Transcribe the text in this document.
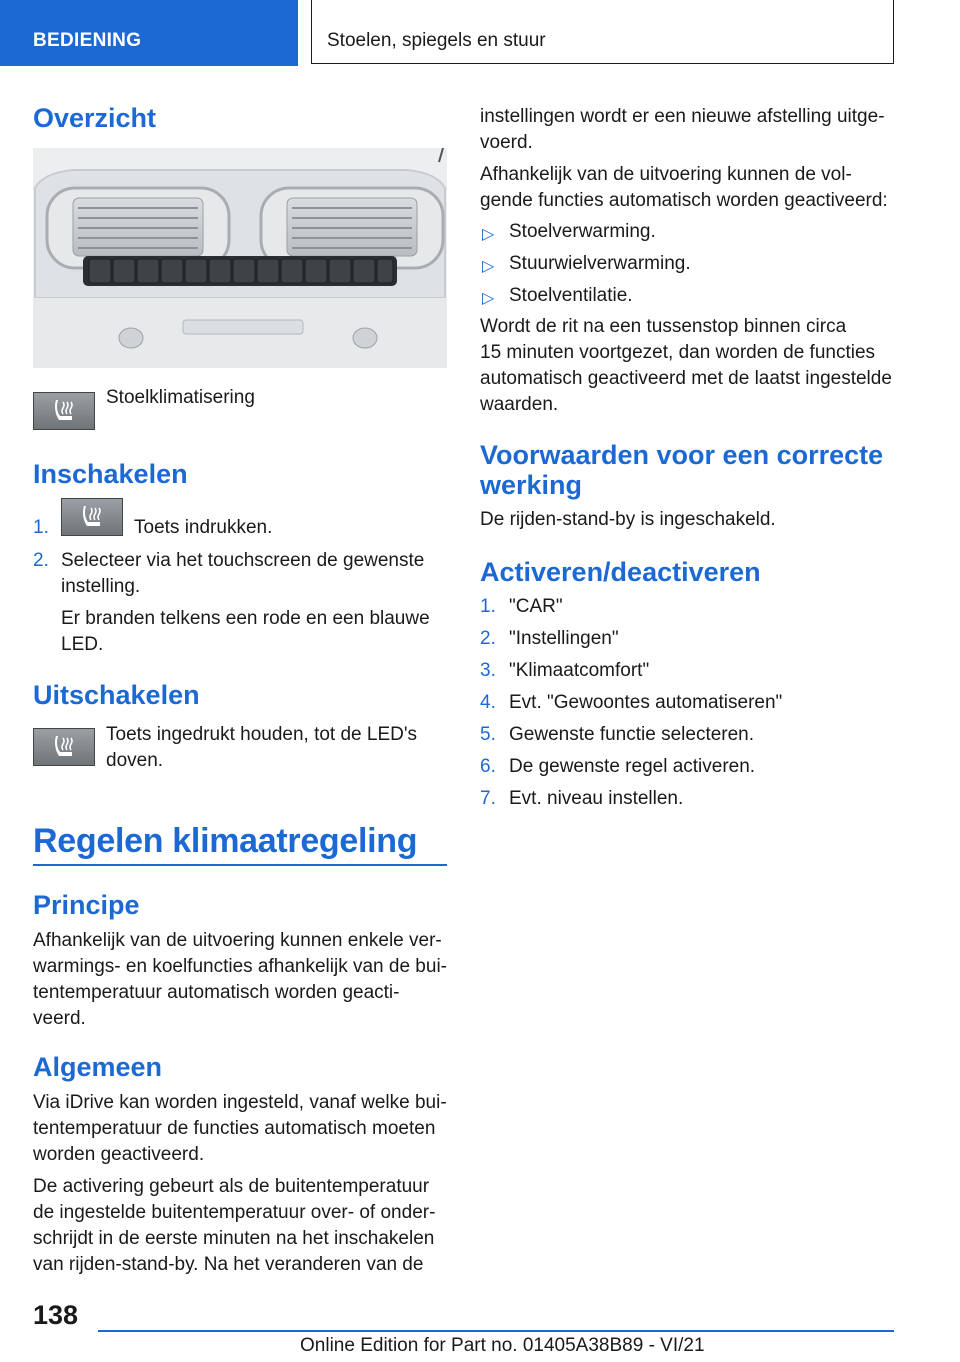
BEDIENING	Stoelen, spiegels en stuur
Overzicht

Stoelklimatisering

Inschakelen
1.	Toets indrukken.
2. Selecteer via het touchscreen de gewenste
instelling.
Er branden telkens een rode en een blauwe
LED.
Uitschakelen
Toets ingedrukt houden, tot de LED's
doven.
Regelen klimaatregeling
Principe
Afhankelijk van de uitvoering kunnen enkele ver-
warmings- en koelfuncties afhankelijk van de bui-
tentemperatuur automatisch worden geacti-
veerd.
Algemeen
Via iDrive kan worden ingesteld, vanaf welke bui-
tentemperatuur de functies automatisch moeten
worden geactiveerd.
De activering gebeurt als de buitentemperatuur
de ingestelde buitentemperatuur over- of onder-
schrijdt in de eerste minuten na het inschakelen
van rijden-stand-by. Na het veranderen van de
instellingen wordt er een nieuwe afstelling uitge-
voerd.
Afhankelijk van de uitvoering kunnen de vol-
gende functies automatisch worden geactiveerd:
▷ Stoelverwarming.
▷ Stuurwielverwarming.
▷ Stoelventilatie.
Wordt de rit na een tussenstop binnen circa
15 minuten voortgezet, dan worden de functies
automatisch geactiveerd met de laatst ingestelde
waarden.
Voorwaarden voor een correcte
werking
De rijden-stand-by is ingeschakeld.
Activeren/deactiveren
1. "CAR"
2. "Instellingen"
3. "Klimaatcomfort"
4. Evt. "Gewoontes automatiseren"
5. Gewenste functie selecteren.
6. De gewenste regel activeren.
7. Evt. niveau instellen.
138
Online Edition for Part no. 01405A38B89 - VI/21
